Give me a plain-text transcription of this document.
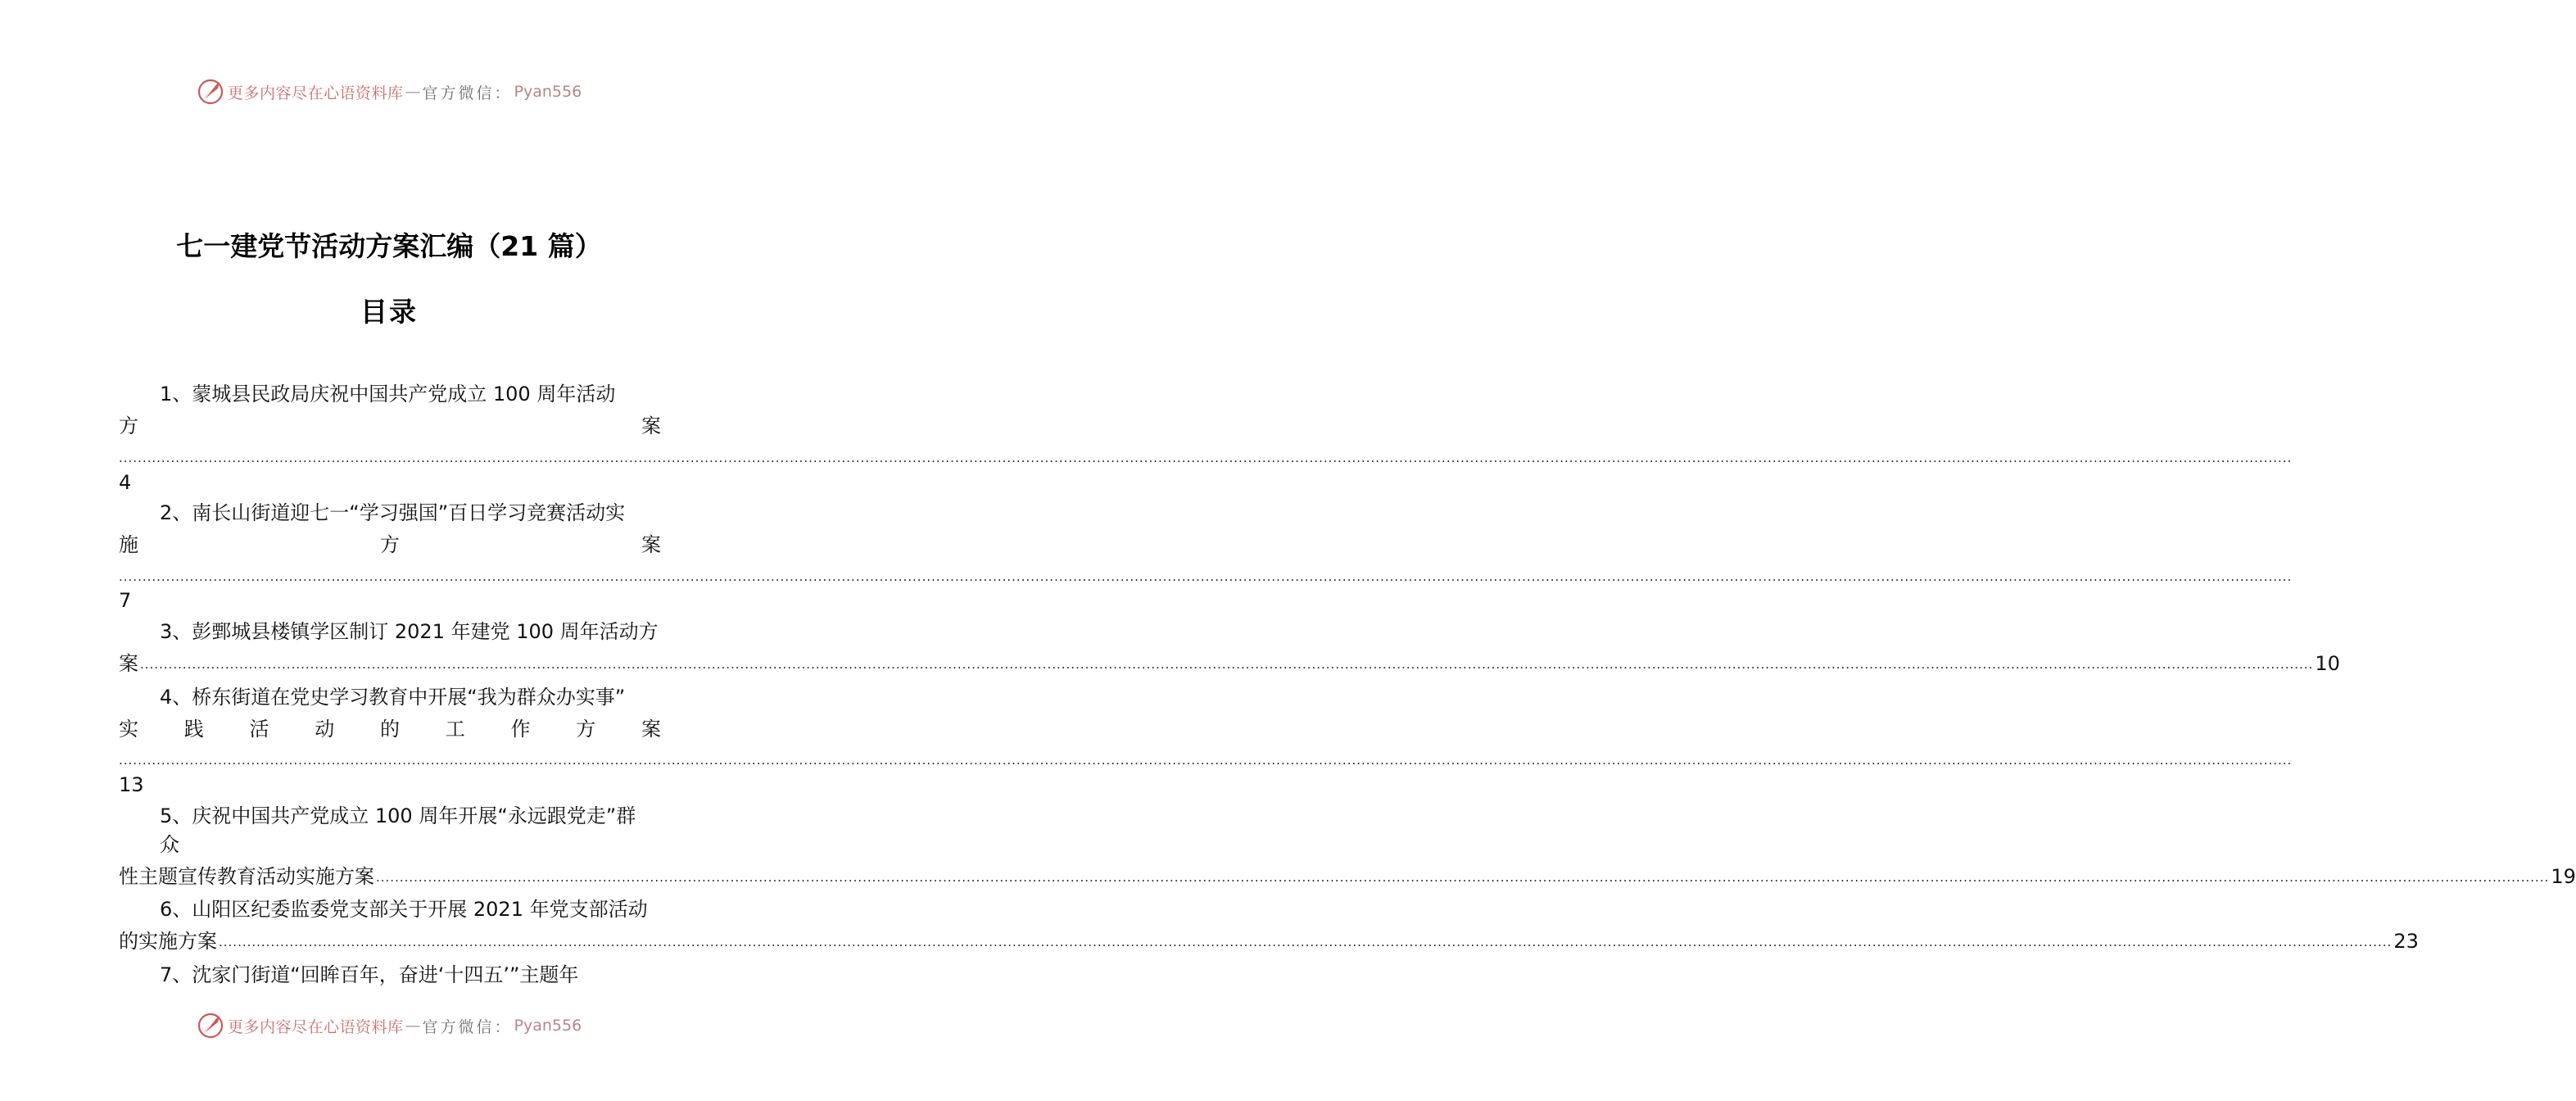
更多内容尽在心语资料库 — 官方微信： Pyan556
七一建党节活动方案汇编（21 篇）
目录
1、蒙城县民政局庆祝中国共产党成立 100 周年活动
方	案
............................................................................................................................................................................................................................................................................................................................................................................................................................................................................
4
2、南长山街道迎七一“学习强国”百日学习竞赛活动实
施	方	案
............................................................................................................................................................................................................................................................................................................................................................................................................................................................................
7
3、彭鄄城县楼镇学区制订 2021 年建党 100 周年活动方
案 ............................................................................................................................................................................................................................................................................................................................................................................................................................................................................ 10
4、桥东街道在党史学习教育中开展“我为群众办实事”
实 践 活 动 的 工 作 方 案
............................................................................................................................................................................................................................................................................................................................................................................................................................................................................
13
5、庆祝中国共产党成立 100 周年开展“永远跟党走”群
众
性主题宣传教育活动实施方案 ............................................................................................................................................................................................................................................................................................................................................................................................................................................................................ 19
6、山阳区纪委监委党支部关于开展 2021 年党支部活动
的实施方案 ............................................................................................................................................................................................................................................................................................................................................................................................................................................................................ 23
7、沈家门街道“回眸百年，奋进‘十四五’”主题年
更多内容尽在心语资料库 — 官方微信： Pyan556
